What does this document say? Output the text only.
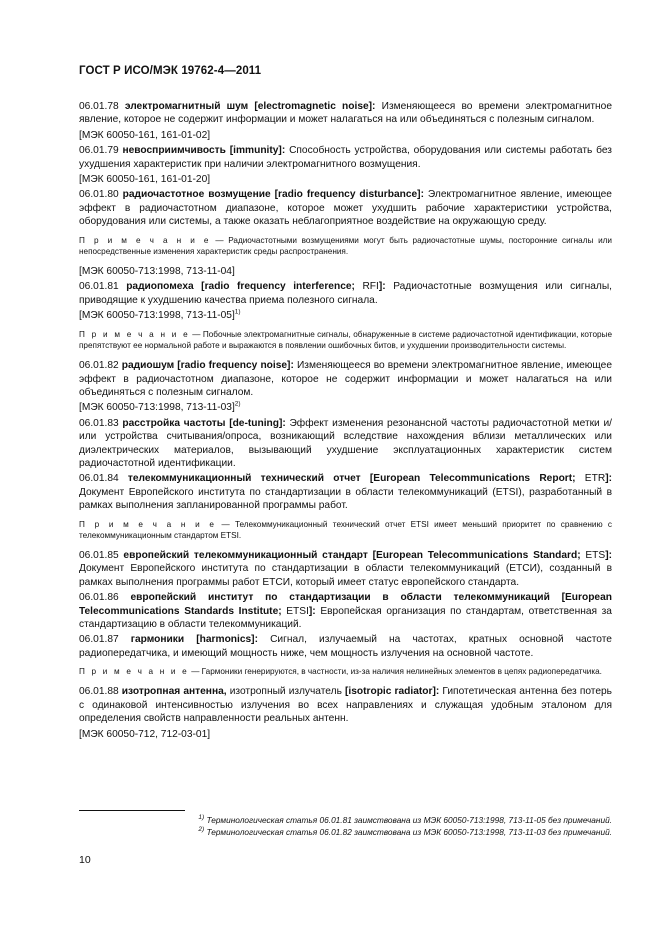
ГОСТ Р ИСО/МЭК 19762-4—2011

06.01.78 электромагнитный шум [electromagnetic noise]: Изменяющееся во времени электромагнитное явление, которое не содержит информации и может налагаться на или объединяться с полезным сигналом.

[МЭК 60050-161, 161-01-02]

06.01.79 невосприимчивость [immunity]: Способность устройства, оборудования или системы работать без ухудшения характеристик при наличии электромагнитного возмущения.

[МЭК 60050-161, 161-01-20]

06.01.80 радиочастотное возмущение [radio frequency disturbance]: Электромагнитное явление, имеющее эффект в радиочастотном диапазоне, которое может ухудшить рабочие характеристики устройства, оборудования или системы, а также оказать неблагоприятное воздействие на окружающую среду.

П р и м е ч а н и е — Радиочастотными возмущениями могут быть радиочастотные шумы, посторонние сигналы или непосредственные изменения характеристик среды распространения.

[МЭК 60050-713:1998, 713-11-04]

06.01.81 радиопомеха [radio frequency interference; RFI]: Радиочастотные возмущения или сигналы, приводящие к ухудшению качества приема полезного сигнала.

[МЭК 60050-713:1998, 713-11-05]$^{1)}$

П р и м е ч а н и е — Побочные электромагнитные сигналы, обнаруженные в системе радиочастотной идентификации, которые препятствуют ее нормальной работе и выражаются в появлении ошибочных битов, и ухудшении производительности системы.

06.01.82 радиошум [radio frequency noise]: Изменяющееся во времени электромагнитное явление, имеющее эффект в радиочастотном диапазоне, которое не содержит информации и может налагаться на или объединяться с полезным сигналом.

[МЭК 60050-713:1998, 713-11-03]$^{2)}$

06.01.83 расстройка частоты [de-tuning]: Эффект изменения резонансной частоты радиочастотной метки и/или устройства считывания/опроса, возникающий вследствие нахождения вблизи металлических или диэлектрических материалов, вызывающий ухудшение эксплуатационных характеристик систем радиочастотной идентификации.

06.01.84 телекоммуникационный технический отчет [European Telecommunications Report; ETR]: Документ Европейского института по стандартизации в области телекоммуникаций (ETSI), разработанный в рамках выполнения запланированной программы работ.

П р и м е ч а н и е — Телекоммуникационный технический отчет ETSI имеет меньший приоритет по сравнению с телекоммуникационным стандартом ETSI.

06.01.85 европейский телекоммуникационный стандарт [European Telecommunications Standard; ETS]: Документ Европейского института по стандартизации в области телекоммуникаций (ЕТСИ), созданный в рамках выполнения программы работ ЕТСИ, который имеет статус европейского стандарта.

06.01.86 европейский институт по стандартизации в области телекоммуникаций [European Telecommunications Standards Institute; ETSI]: Европейская организация по стандартам, ответственная за стандартизацию в области телекоммуникаций.

06.01.87 гармоники [harmonics]: Сигнал, излучаемый на частотах, кратных основной частоте радиопередатчика, и имеющий мощность ниже, чем мощность излучения на основной частоте.

П р и м е ч а н и е — Гармоники генерируются, в частности, из-за наличия нелинейных элементов в цепях радиопередатчика.

06.01.88 изотропная антенна, изотропный излучатель [isotropic radiator]: Гипотетическая антенна без потерь с одинаковой интенсивностью излучения во всех направлениях и служащая удобным эталоном для определения свойств направленности реальных антенн.

[МЭК 60050-712, 712-03-01]

$^{1)}$ Терминологическая статья 06.01.81 заимствована из МЭК 60050-713:1998, 713-11-05 без примечаний.
$^{2)}$ Терминологическая статья 06.01.82 заимствована из МЭК 60050-713:1998, 713-11-03 без примечаний.
10
